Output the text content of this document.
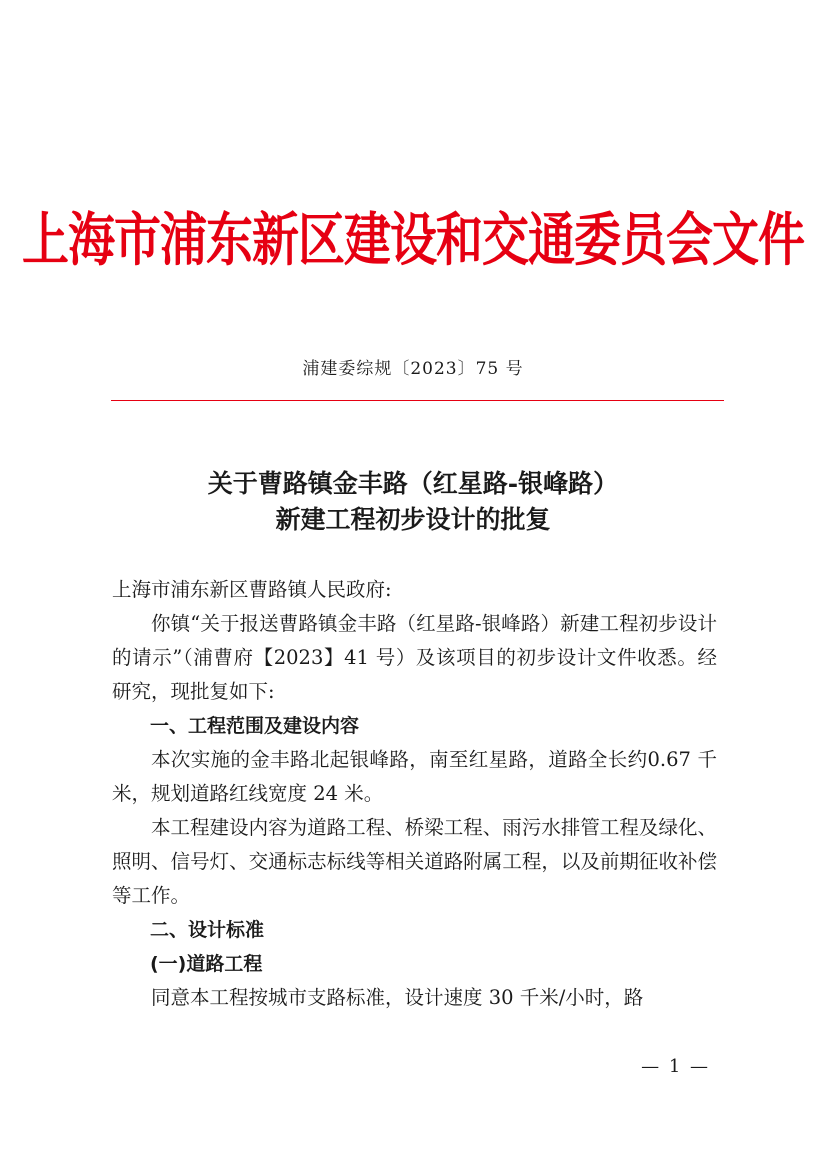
上海市浦东新区建设和交通委员会文件
浦建委综规〔2023〕75 号
关于曹路镇金丰路（红星路-银峰路）
新建工程初步设计的批复

上海市浦东新区曹路镇人民政府:

你镇“关于报送曹路镇金丰路（红星路-银峰路）新建工程初步设计的请示”（浦曹府【2023】41 号）及该项目的初步设计文件收悉。经研究，现批复如下:

一、工程范围及建设内容

本次实施的金丰路北起银峰路，南至红星路，道路全长约0.67 千米，规划道路红线宽度 24 米。

本工程建设内容为道路工程、桥梁工程、雨污水排管工程及绿化、照明、信号灯、交通标志标线等相关道路附属工程，以及前期征收补偿等工作。

二、设计标准

(一)道路工程

同意本工程按城市支路标准，设计速度 30 千米/小时，路

— 1 —
